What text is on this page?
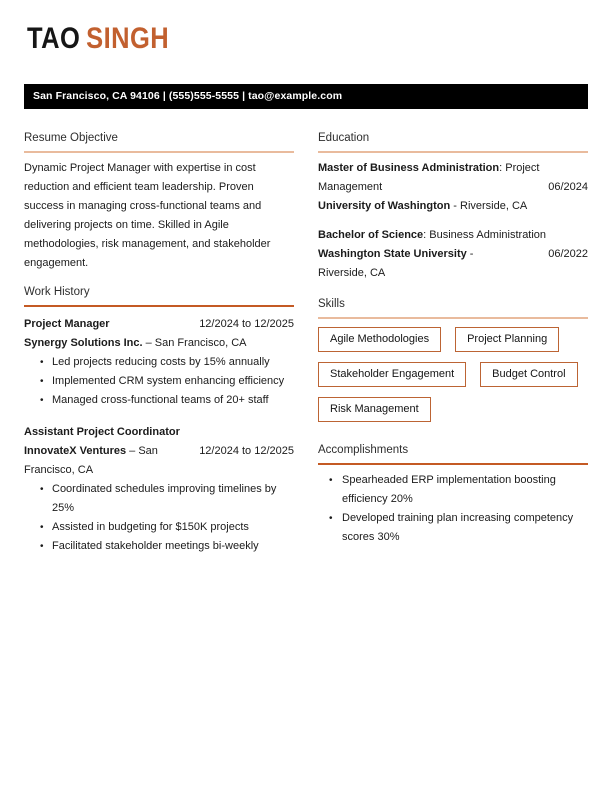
TAO SINGH
San Francisco, CA 94106 | (555)555-5555 | tao@example.com
Resume Objective

Dynamic Project Manager with expertise in cost reduction and efficient team leadership. Proven success in managing cross-functional teams and delivering projects on time. Skilled in Agile methodologies, risk management, and stakeholder engagement.

Work History
Project Manager	12/2024 to 12/2025
Synergy Solutions Inc. – San Francisco, CA
• Led projects reducing costs by 15% annually
• Implemented CRM system enhancing efficiency
• Managed cross-functional teams of 20+ staff
Assistant Project Coordinator
InnovateX Ventures – San	12/2024 to 12/2025
Francisco, CA
• Coordinated schedules improving timelines by 25%
• Assisted in budgeting for $150K projects
• Facilitated stakeholder meetings bi-weekly
Education
Master of Business Administration: Project
Management	06/2024
University of Washington - Riverside, CA
Bachelor of Science: Business Administration
Washington State University -	06/2022
Riverside, CA
Skills
Agile Methodologies	Project Planning
Stakeholder Engagement	Budget Control
Risk Management
Accomplishments
• Spearheaded ERP implementation boosting efficiency 20%
• Developed training plan increasing competency scores 30%
